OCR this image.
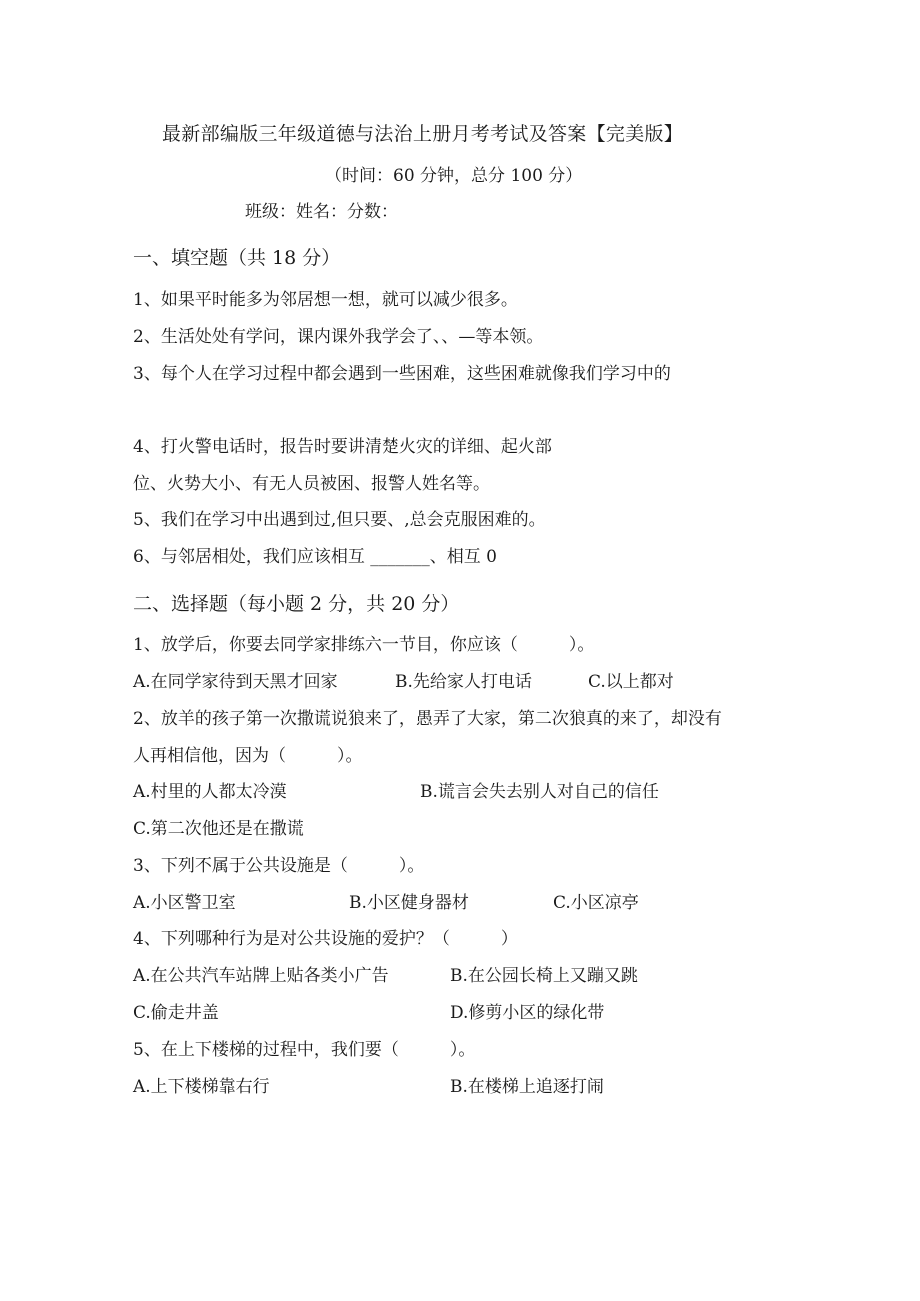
最新部编版三年级道德与法治上册月考考试及答案【完美版】
（时间：60 分钟，总分 100 分）
班级：姓名：分数：
一、填空题（共 18 分）
1、如果平时能多为邻居想一想，就可以减少很多。
2、生活处处有学问，课内课外我学会了、、—等本领。
3、每个人在学习过程中都会遇到一些困难，这些困难就像我们学习中的
4、打火警电话时，报告时要讲清楚火灾的详细、起火部
位、火势大小、有无人员被困、报警人姓名等。
5、我们在学习中出遇到过,但只要、,总会克服困难的。
6、与邻居相处，我们应该相互 _______、相互 0
二、选择题（每小题 2 分，共 20 分）
1、放学后，你要去同学家排练六一节目，你应该（　　　）。
A.在同学家待到天黑才回家	B.先给家人打电话	C.以上都对
2、放羊的孩子第一次撒谎说狼来了，愚弄了大家，第二次狼真的来了，却没有
人再相信他，因为（　　　）。
A.村里的人都太冷漠	B.谎言会失去别人对自己的信任
C.第二次他还是在撒谎
3、下列不属于公共设施是（　　　）。
A.小区警卫室	B.小区健身器材	C.小区凉亭
4、下列哪种行为是对公共设施的爱护？（　　　）
A.在公共汽车站牌上贴各类小广告	B.在公园长椅上又蹦又跳
C.偷走井盖	D.修剪小区的绿化带
5、在上下楼梯的过程中，我们要（　　　）。
A.上下楼梯靠右行	B.在楼梯上追逐打闹
